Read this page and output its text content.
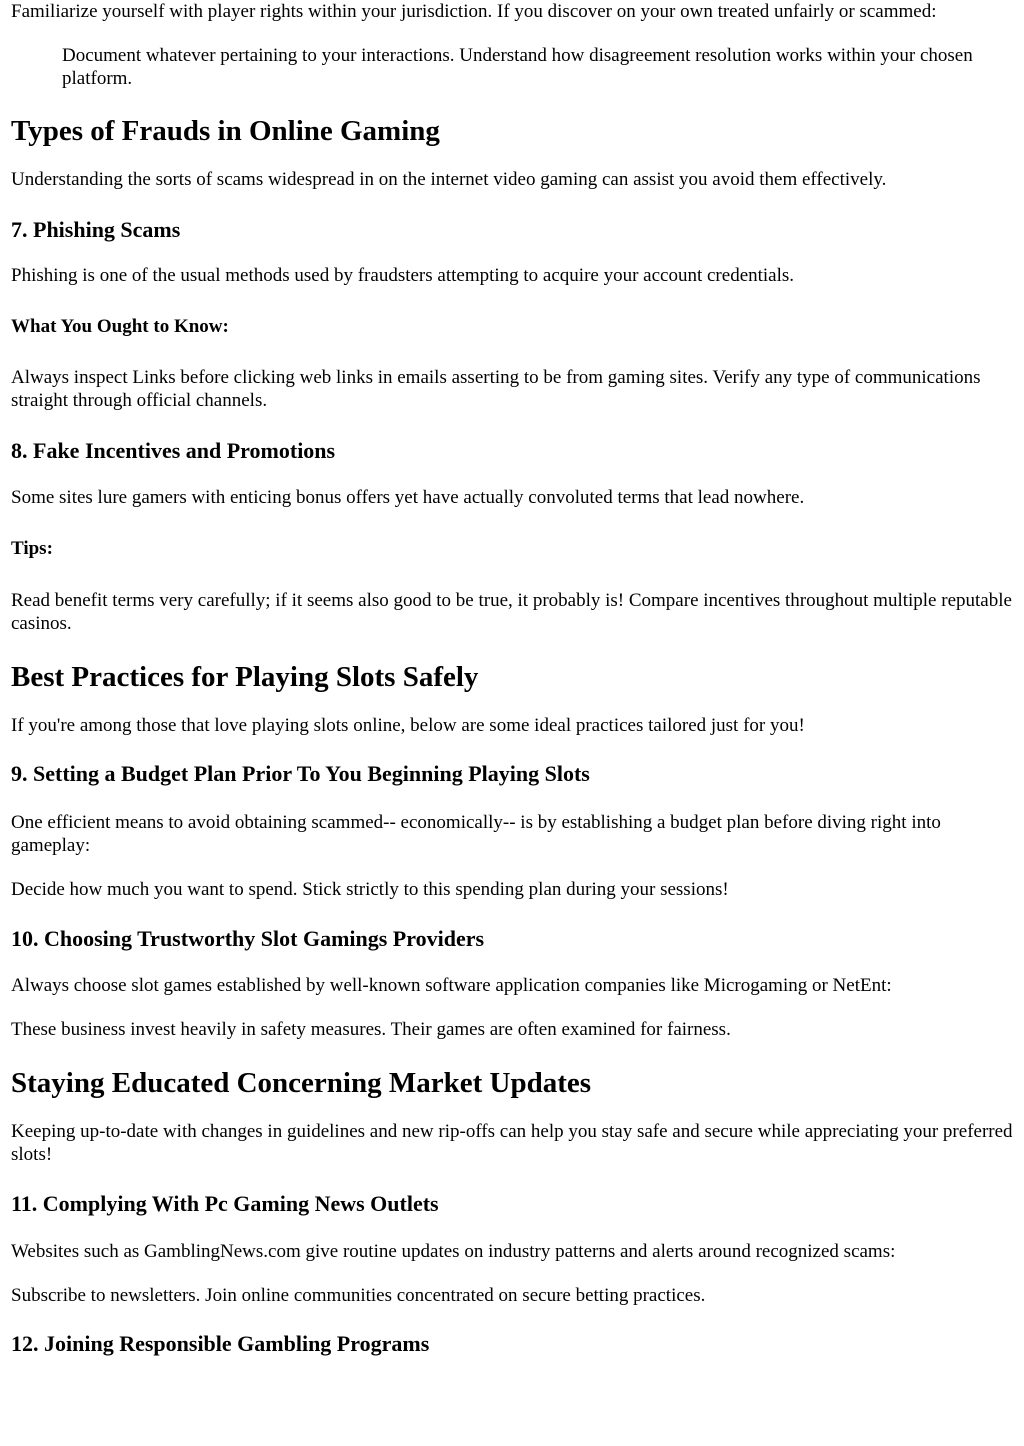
Familiarize yourself with player rights within your jurisdiction. If you discover on your own treated unfairly or scammed:

Document whatever pertaining to your interactions. Understand how disagreement resolution works within your chosen platform.
Types of Frauds in Online Gaming

Understanding the sorts of scams widespread in on the internet video gaming can assist you avoid them effectively.

7. Phishing Scams

Phishing is one of the usual methods used by fraudsters attempting to acquire your account credentials.

What You Ought to Know:

Always inspect Links before clicking web links in emails asserting to be from gaming sites. Verify any type of communications straight through official channels.

8. Fake Incentives and Promotions

Some sites lure gamers with enticing bonus offers yet have actually convoluted terms that lead nowhere.

Tips:

Read benefit terms very carefully; if it seems also good to be true, it probably is! Compare incentives throughout multiple reputable casinos.

Best Practices for Playing Slots Safely

If you're among those that love playing slots online, below are some ideal practices tailored just for you!

9. Setting a Budget Plan Prior To You Beginning Playing Slots

One efficient means to avoid obtaining scammed-- economically-- is by establishing a budget plan before diving right into gameplay:

Decide how much you want to spend. Stick strictly to this spending plan during your sessions!

10. Choosing Trustworthy Slot Gamings Providers

Always choose slot games established by well-known software application companies like Microgaming or NetEnt:

These business invest heavily in safety measures. Their games are often examined for fairness.

Staying Educated Concerning Market Updates

Keeping up-to-date with changes in guidelines and new rip-offs can help you stay safe and secure while appreciating your preferred slots!

11. Complying With Pc Gaming News Outlets

Websites such as GamblingNews.com give routine updates on industry patterns and alerts around recognized scams:

Subscribe to newsletters. Join online communities concentrated on secure betting practices.

12. Joining Responsible Gambling Programs
